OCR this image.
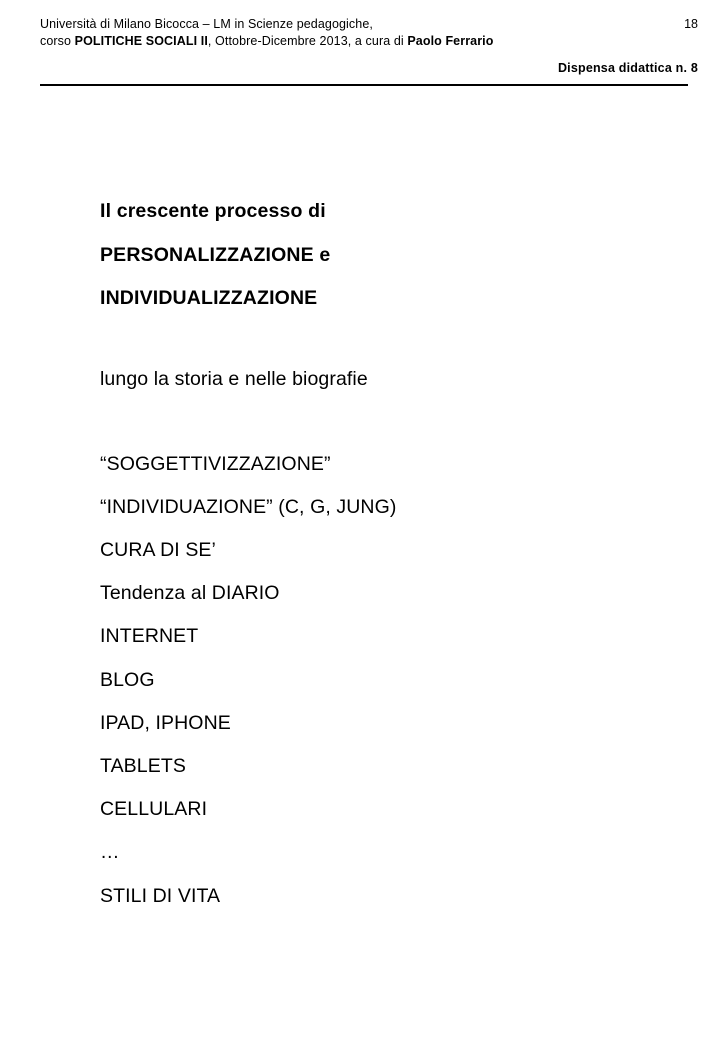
Università di Milano Bicocca – LM in Scienze pedagogiche,
corso POLITICHE SOCIALI II, Ottobre-Dicembre 2013, a cura di Paolo Ferrario
18
Dispensa didattica n. 8
Il crescente processo di
PERSONALIZZAZIONE e
INDIVIDUALIZZAZIONE
lungo la storia e nelle biografie
“SOGGETTIVIZZAZIONE”
“INDIVIDUAZIONE” (C, G, JUNG)
CURA DI SE’
Tendenza al DIARIO
INTERNET
BLOG
IPAD, IPHONE
TABLETS
CELLULARI
…
STILI DI VITA
